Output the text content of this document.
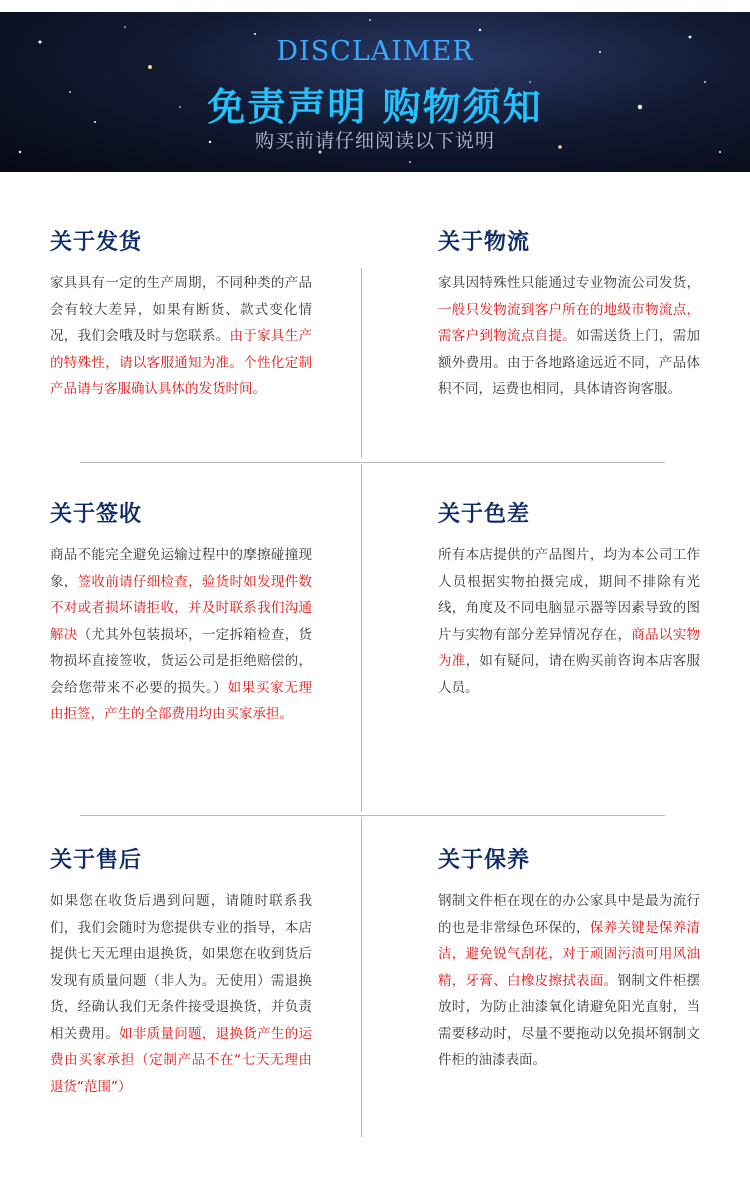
DISCLAIMER
免责声明 购物须知
购买前请仔细阅读以下说明
关于发货

家具具有一定的生产周期，不同种类的产品会有较大差异，如果有断货、款式变化情况，我们会哦及时与您联系。由于家具生产的特殊性，请以客服通知为准。个性化定制产品请与客服确认具体的发货时间。

关于物流

家具因特殊性只能通过专业物流公司发货，一般只发物流到客户所在的地级市物流点，需客户到物流点自提。如需送货上门，需加额外费用。由于各地路途远近不同，产品体积不同，运费也相同，具体请咨询客服。

关于签收

商品不能完全避免运输过程中的摩擦碰撞现象，签收前请仔细检查，验货时如发现件数不对或者损坏请拒收，并及时联系我们沟通解决（尤其外包装损坏，一定拆箱检查，货物损坏直接签收，货运公司是拒绝赔偿的，会给您带来不必要的损失。）如果买家无理由拒签，产生的全部费用均由买家承担。

关于色差

所有本店提供的产品图片，均为本公司工作人员根据实物拍摄完成，期间不排除有光线，角度及不同电脑显示器等因素导致的图片与实物有部分差异情况存在，商品以实物为准，如有疑问，请在购买前咨询本店客服人员。

关于售后

如果您在收货后遇到问题，请随时联系我们，我们会随时为您提供专业的指导，本店提供七天无理由退换货，如果您在收到货后发现有质量问题（非人为。无使用）需退换货，经确认我们无条件接受退换货，并负责相关费用。如非质量问题，退换货产生的运费由买家承担（定制产品不在“七天无理由退货“范围”）

关于保养

钢制文件柜在现在的办公家具中是最为流行的也是非常绿色环保的，保养关键是保养清洁，避免锐气刮花，对于顽固污渍可用风油精，牙膏、白橡皮擦拭表面。钢制文件柜摆放时，为防止油漆氧化请避免阳光直射，当需要移动时，尽量不要拖动以免损坏钢制文件柜的油漆表面。
